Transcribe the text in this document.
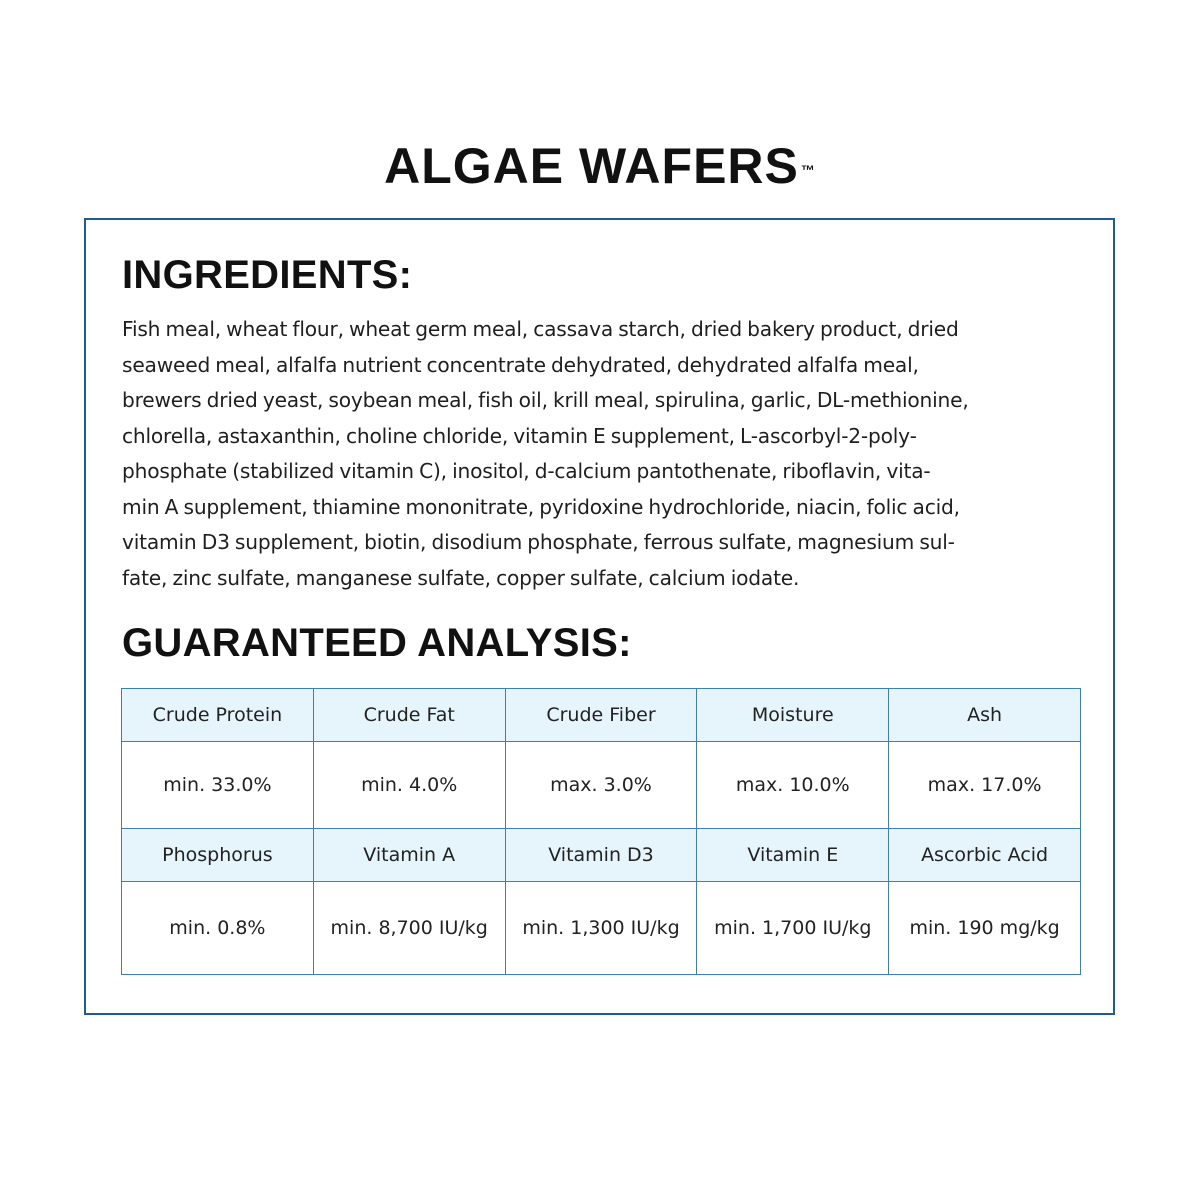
ALGAE WAFERS ™
INGREDIENTS:
Fish meal, wheat flour, wheat germ meal, cassava starch, dried bakery product, dried
seaweed meal, alfalfa nutrient concentrate dehydrated, dehydrated alfalfa meal,
brewers dried yeast, soybean meal, fish oil, krill meal, spirulina, garlic, DL-methionine,
chlorella, astaxanthin, choline chloride, vitamin E supplement, L-ascorbyl-2-poly-
phosphate (stabilized vitamin C), inositol, d-calcium pantothenate, riboflavin, vita-
min A supplement, thiamine mononitrate, pyridoxine hydrochloride, niacin, folic acid,
vitamin D3 supplement, biotin, disodium phosphate, ferrous sulfate, magnesium sul-
fate, zinc sulfate, manganese sulfate, copper sulfate, calcium iodate.
GUARANTEED ANALYSIS:
Crude Protein	Crude Fat	Crude Fiber	Moisture	Ash
min. 33.0%	min. 4.0%	max. 3.0%	max. 10.0%	max. 17.0%
Phosphorus	Vitamin A	Vitamin D3	Vitamin E	Ascorbic Acid
min. 0.8%	min. 8,700 IU/kg	min. 1,300 IU/kg	min. 1,700 IU/kg	min. 190 mg/kg
